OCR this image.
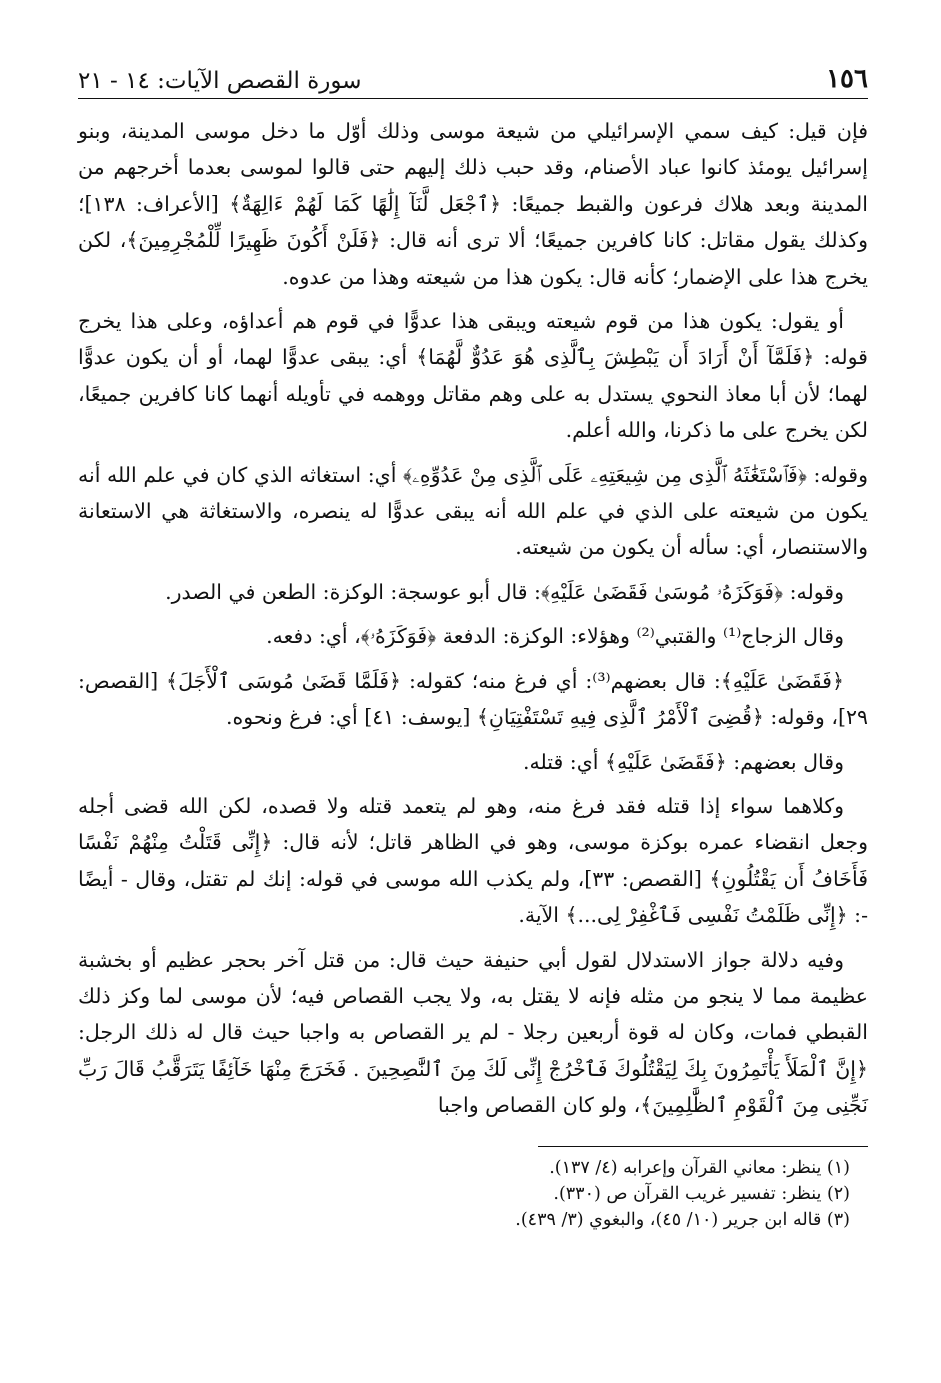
١٥٦
سورة القصص الآيات: ١٤ - ٢١

فإن قيل: كيف سمي الإسرائيلي من شيعة موسى وذلك أوّل ما دخل موسى المدينة، وبنو إسرائيل يومئذ كانوا عباد الأصنام، وقد حبب ذلك إليهم حتى قالوا لموسى بعدما أخرجهم من المدينة وبعد هلاك فرعون والقبط جميعًا: ﴿ٱجْعَل لَّنَآ إِلَٰهًا كَمَا لَهُمْ ءَالِهَةٌ﴾ [الأعراف: ١٣٨]؛ وكذلك يقول مقاتل: كانا كافرين جميعًا؛ ألا ترى أنه قال: ﴿فَلَنْ أَكُونَ ظَهِيرًا لِّلْمُجْرِمِينَ﴾، لكن يخرج هذا على الإضمار؛ كأنه قال: يكون هذا من شيعته وهذا من عدوه.

أو يقول: يكون هذا من قوم شيعته ويبقى هذا عدوًّا في قوم هم أعداؤه، وعلى هذا يخرج قوله: ﴿فَلَمَّآ أَنْ أَرَادَ أَن يَبْطِشَ بِٱلَّذِى هُوَ عَدُوٌّ لَّهُمَا﴾ أي: يبقى عدوًّا لهما، أو أن يكون عدوًّا لهما؛ لأن أبا معاذ النحوي يستدل به على وهم مقاتل ووهمه في تأويله أنهما كانا كافرين جميعًا، لكن يخرج على ما ذكرنا، والله أعلم.

وقوله: ﴿فَٱسْتَغَٰثَهُ ٱلَّذِى مِن شِيعَتِهِۦ عَلَى ٱلَّذِى مِنْ عَدُوِّهِۦ﴾ أي: استغاثه الذي كان في علم الله أنه يكون من شيعته على الذي في علم الله أنه يبقى عدوًّا له ينصره، والاستغاثة هي الاستعانة والاستنصار، أي: سأله أن يكون من شيعته.

وقوله: ﴿فَوَكَزَهُۥ مُوسَىٰ فَقَضَىٰ عَلَيْهِ﴾: قال أبو عوسجة: الوكزة: الطعن في الصدر.

وقال الزجاج⁽¹⁾ والقتبي⁽²⁾ وهؤلاء: الوكزة: الدفعة ﴿فَوَكَزَهُۥ﴾، أي: دفعه.

﴿فَقَضَىٰ عَلَيْهِ﴾: قال بعضهم⁽³⁾: أي فرغ منه؛ كقوله: ﴿فَلَمَّا قَضَىٰ مُوسَى ٱلْأَجَلَ﴾ [القصص: ٢٩]، وقوله: ﴿قُضِىَ ٱلْأَمْرُ ٱلَّذِى فِيهِ تَسْتَفْتِيَانِ﴾ [يوسف: ٤١] أي: فرغ ونحوه.

وقال بعضهم: ﴿فَقَضَىٰ عَلَيْهِ﴾ أي: قتله.

وكلاهما سواء إذا قتله فقد فرغ منه، وهو لم يتعمد قتله ولا قصده، لكن الله قضى أجله وجعل انقضاء عمره بوكزة موسى، وهو في الظاهر قاتل؛ لأنه قال: ﴿إِنِّى قَتَلْتُ مِنْهُمْ نَفْسًا فَأَخَافُ أَن يَقْتُلُونِ﴾ [القصص: ٣٣]، ولم يكذب الله موسى في قوله: إنك لم تقتل، وقال - أيضًا -: ﴿إِنِّى ظَلَمْتُ نَفْسِى فَٱغْفِرْ لِى...﴾ الآية.

وفيه دلالة جواز الاستدلال لقول أبي حنيفة حيث قال: من قتل آخر بحجر عظيم أو بخشبة عظيمة مما لا ينجو من مثله فإنه لا يقتل به، ولا يجب القصاص فيه؛ لأن موسى لما وكز ذلك القبطي فمات، وكان له قوة أربعين رجلا - لم ير القصاص به واجبا حيث قال له ذلك الرجل: ﴿إِنَّ ٱلْمَلَأَ يَأْتَمِرُونَ بِكَ لِيَقْتُلُوكَ فَٱخْرُجْ إِنِّى لَكَ مِنَ ٱلنَّٰصِحِينَ . فَخَرَجَ مِنْهَا خَآئِفًا يَتَرَقَّبُ قَالَ رَبِّ نَجِّنِى مِنَ ٱلْقَوْمِ ٱلظَّٰلِمِينَ﴾، ولو كان القصاص واجبا

(١) ينظر: معاني القرآن وإعرابه (٤/ ١٣٧).
(٢) ينظر: تفسير غريب القرآن ص (٣٣٠).
(٣) قاله ابن جرير (١٠/ ٤٥)، والبغوي (٣/ ٤٣٩).
